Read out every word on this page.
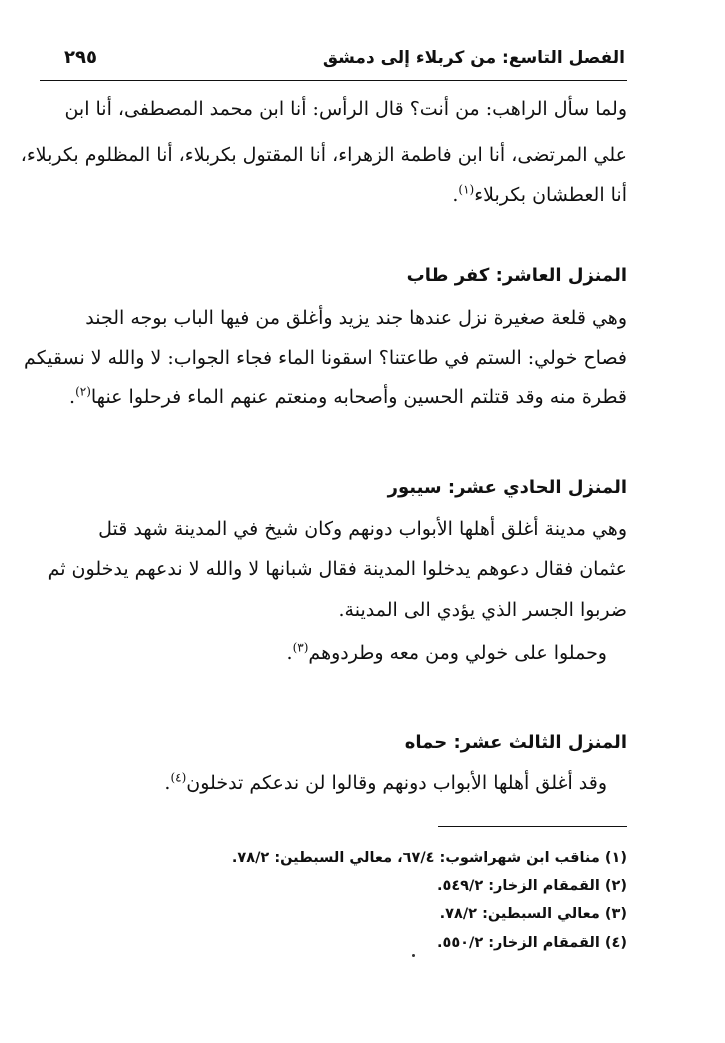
الفصل التاسع: من كربلاء إلى دمشق
٢٩٥
ولما سأل الراهب: من أنت؟ قال الرأس: أنا ابن محمد المصطفى، أنا ابن
علي المرتضى، أنا ابن فاطمة الزهراء، أنا المقتول بكربلاء، أنا المظلوم بكربلاء،
أنا العطشان بكربلاء$^{(١)}$.
المنزل العاشر: كفر طاب
وهي قلعة صغيرة نزل عندها جند يزيد وأغلق من فيها الباب بوجه الجند
فصاح خولي: الستم في طاعتنا؟ اسقونا الماء فجاء الجواب: لا والله لا نسقيكم
قطرة منه وقد قتلتم الحسين وأصحابه ومنعتم عنهم الماء فرحلوا عنها$^{(٢)}$.
المنزل الحادي عشر: سيبور
وهي مدينة أغلق أهلها الأبواب دونهم وكان شيخ في المدينة شهد قتل
عثمان فقال دعوهم يدخلوا المدينة فقال شبانها لا والله لا ندعهم يدخلون ثم
ضربوا الجسر الذي يؤدي الى المدينة.
وحملوا على خولي ومن معه وطردوهم$^{(٣)}$.
المنزل الثالث عشر: حماه
وقد أغلق أهلها الأبواب دونهم وقالوا لن ندعكم تدخلون$^{(٤)}$.
(١) مناقب ابن شهراشوب: ٦٧/٤، معالي السبطين: ٧٨/٢.
(٢) القمقام الزخار: ٥٤٩/٢.
(٣) معالي السبطين: ٧٨/٢.
(٤) القمقام الزخار: ٥٥٠/٢.
